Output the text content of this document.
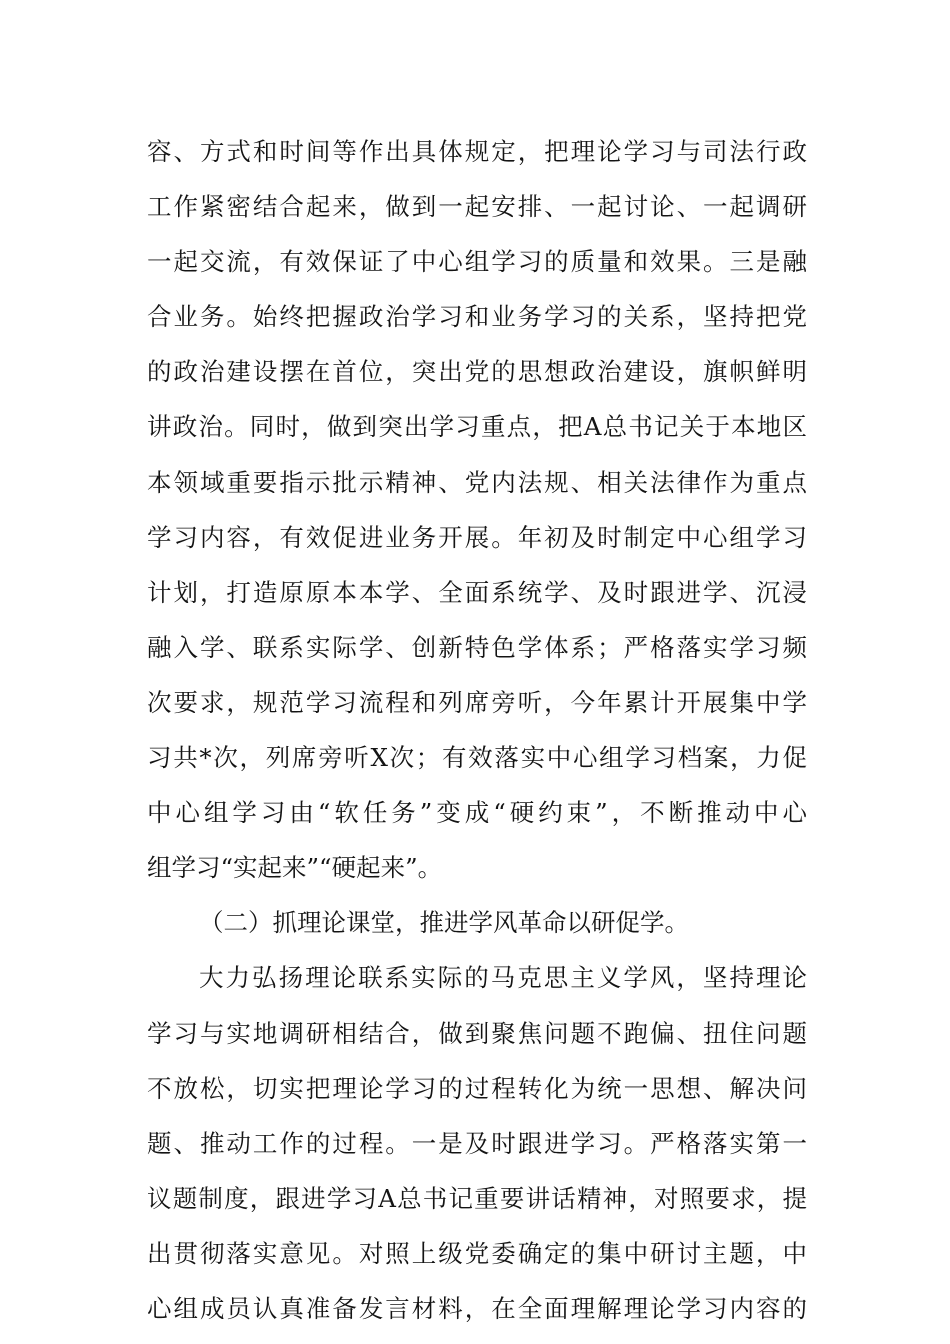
容、方式和时间等作出具体规定，把理论学习与司法行政
工作紧密结合起来，做到一起安排、一起讨论、一起调研
一起交流，有效保证了中心组学习的质量和效果。三是融
合业务。始终把握政治学习和业务学习的关系，坚持把党
的政治建设摆在首位，突出党的思想政治建设，旗帜鲜明
讲政治。同时，做到突出学习重点，把A总书记关于本地区
本领域重要指示批示精神、党内法规、相关法律作为重点
学习内容，有效促进业务开展。年初及时制定中心组学习
计划，打造原原本本学、全面系统学、及时跟进学、沉浸
融入学、联系实际学、创新特色学体系；严格落实学习频
次要求，规范学习流程和列席旁听，今年累计开展集中学
习共*次，列席旁听X次；有效落实中心组学习档案，力促
中心组学习由“软任务”变成“硬约束”，不断推动中心
组学习“实起来”“硬起来”。
（二）抓理论课堂，推进学风革命以研促学。
大力弘扬理论联系实际的马克思主义学风，坚持理论
学习与实地调研相结合，做到聚焦问题不跑偏、扭住问题
不放松，切实把理论学习的过程转化为统一思想、解决问
题、推动工作的过程。一是及时跟进学习。严格落实第一
议题制度，跟进学习A总书记重要讲话精神，对照要求，提
出贯彻落实意见。对照上级党委确定的集中研讨主题，中
心组成员认真准备发言材料，在全面理解理论学习内容的
